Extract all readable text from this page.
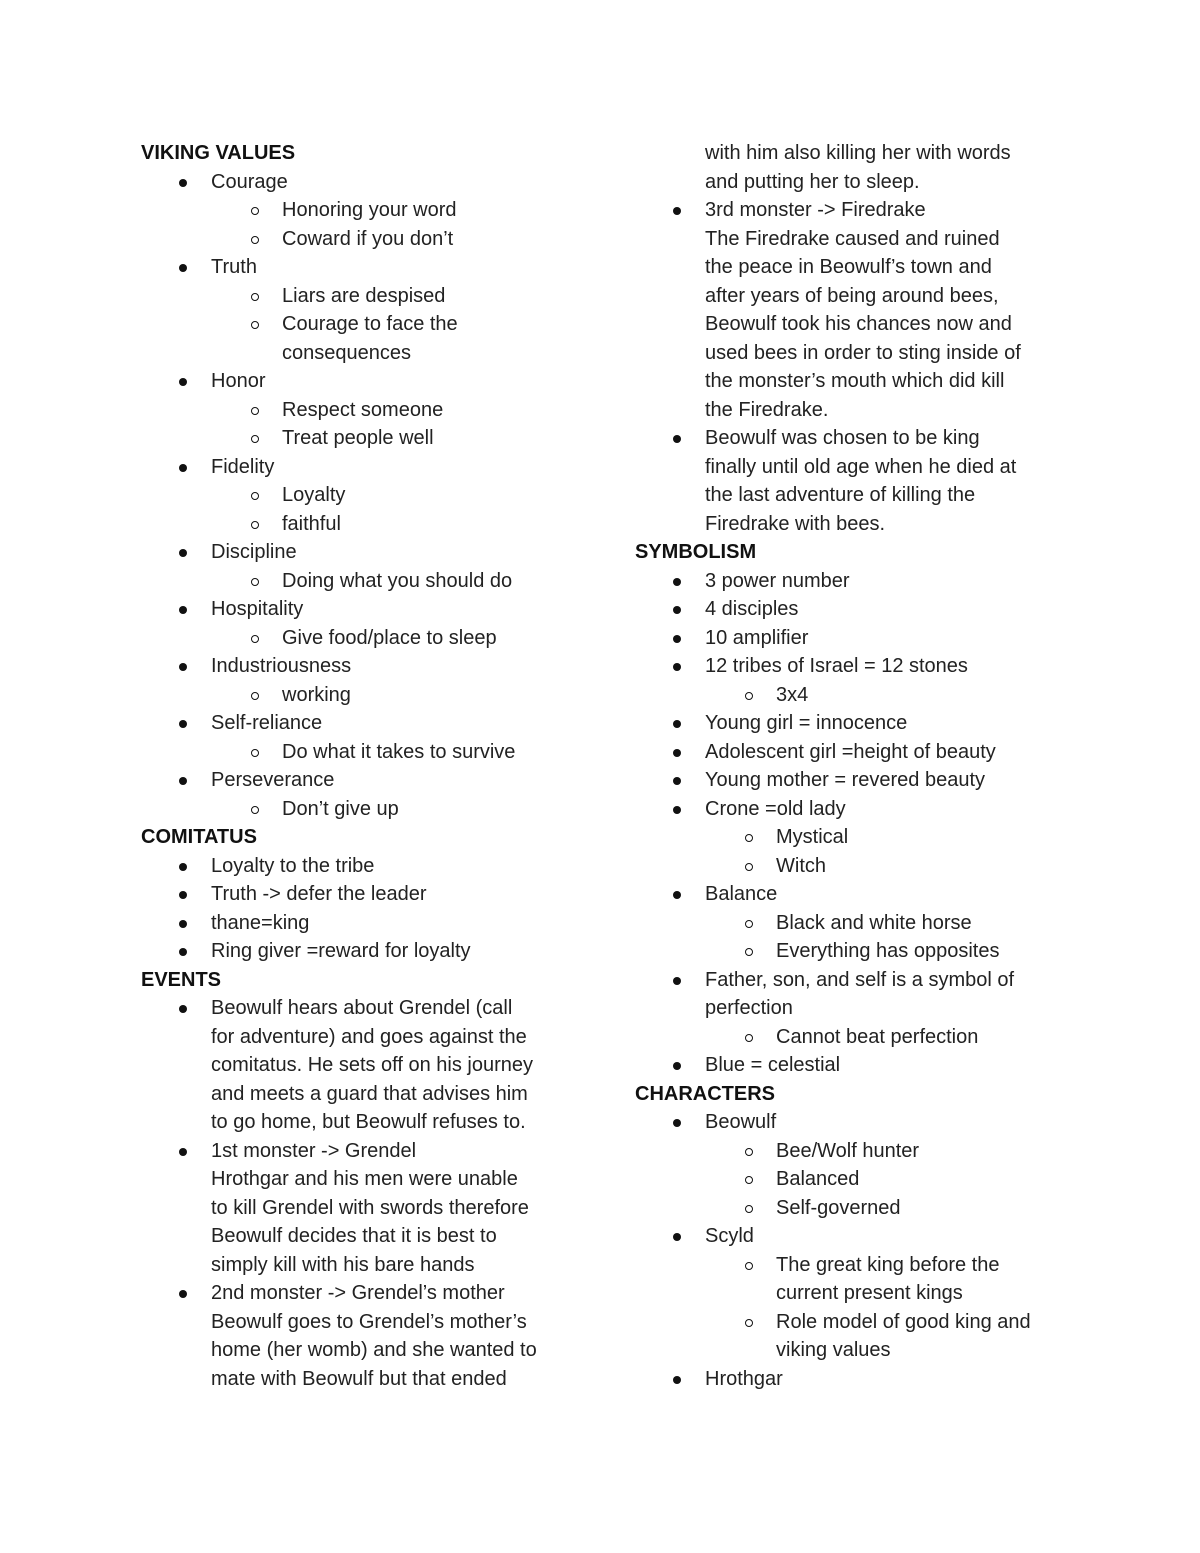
VIKING VALUES
Courage
Honoring your word
Coward if you don’t
Truth
Liars are despised
Courage to face the
consequences
Honor
Respect someone
Treat people well
Fidelity
Loyalty
faithful
Discipline
Doing what you should do
Hospitality
Give food/place to sleep
Industriousness
working
Self-reliance
Do what it takes to survive
Perseverance
Don’t give up
COMITATUS
Loyalty to the tribe
Truth -> defer the leader
thane=king
Ring giver =reward for loyalty
EVENTS
Beowulf hears about Grendel (call
for adventure) and goes against the
comitatus. He sets off on his journey
and meets a guard that advises him
to go home, but Beowulf refuses to.
1st monster -> Grendel
Hrothgar and his men were unable
to kill Grendel with swords therefore
Beowulf decides that it is best to
simply kill with his bare hands
2nd monster -> Grendel’s mother
Beowulf goes to Grendel’s mother’s
home (her womb) and she wanted to
mate with Beowulf but that ended
with him also killing her with words
and putting her to sleep.
3rd monster -> Firedrake
The Firedrake caused and ruined
the peace in Beowulf’s town and
after years of being around bees,
Beowulf took his chances now and
used bees in order to sting inside of
the monster’s mouth which did kill
the Firedrake.
Beowulf was chosen to be king
finally until old age when he died at
the last adventure of killing the
Firedrake with bees.
SYMBOLISM
3 power number
4 disciples
10 amplifier
12 tribes of Israel = 12 stones
3x4
Young girl = innocence
Adolescent girl =height of beauty
Young mother = revered beauty
Crone =old lady
Mystical
Witch
Balance
Black and white horse
Everything has opposites
Father, son, and self is a symbol of
perfection
Cannot beat perfection
Blue = celestial
CHARACTERS
Beowulf
Bee/Wolf hunter
Balanced
Self-governed
Scyld
The great king before the
current present kings
Role model of good king and
viking values
Hrothgar
